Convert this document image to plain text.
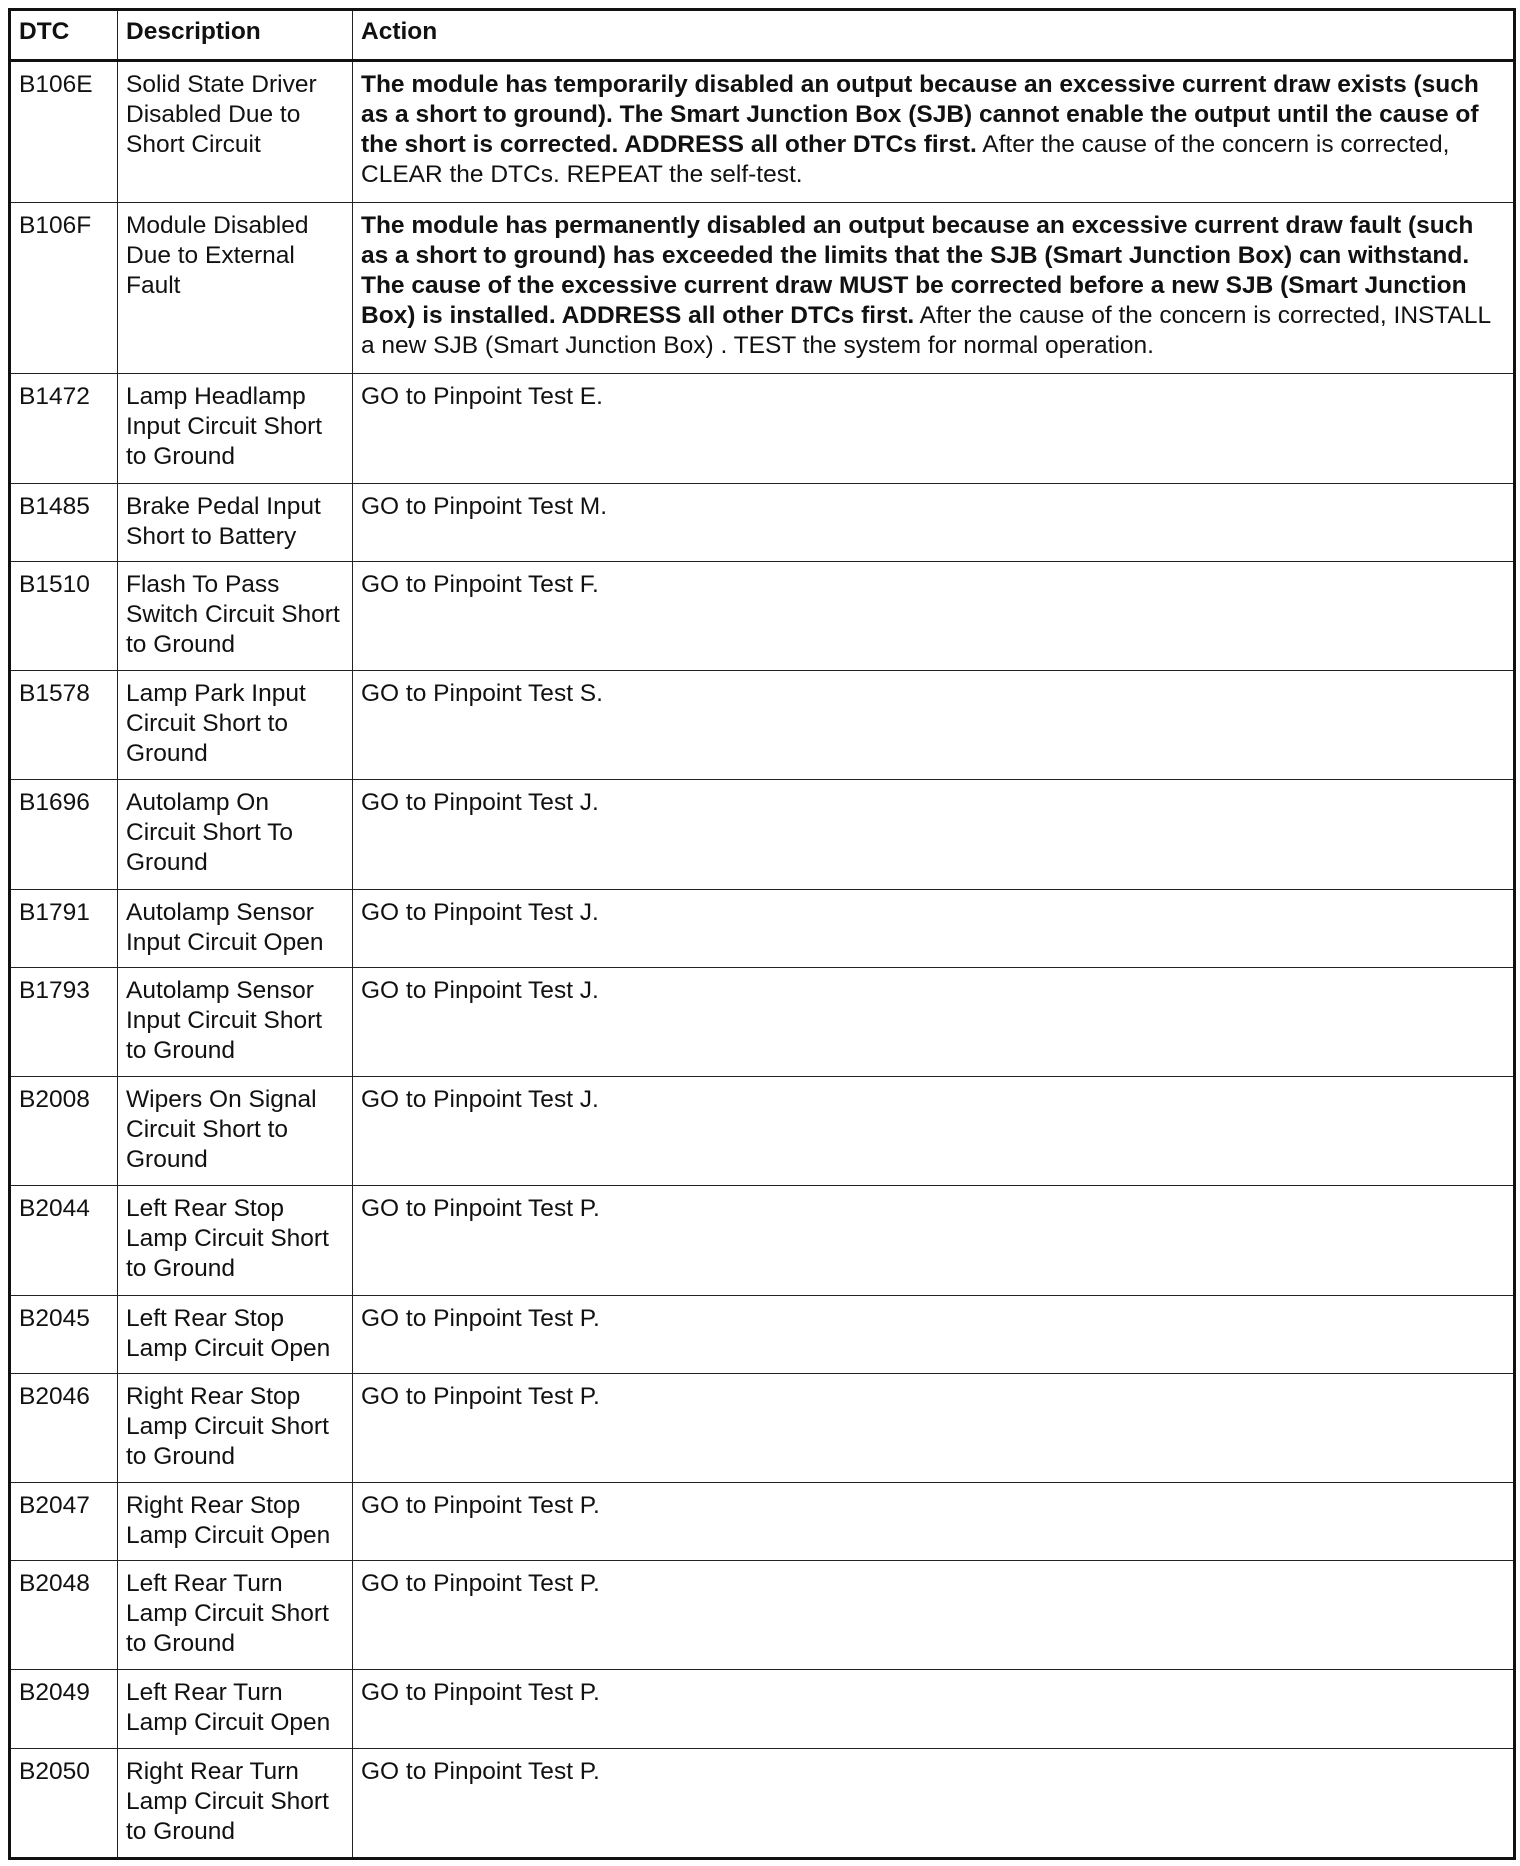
DTC	Description	Action
B106E	Solid State Driver Disabled Due to Short Circuit	The module has temporarily disabled an output because an excessive current draw exists (such as a short to ground). The Smart Junction Box (SJB) cannot enable the output until the cause of the short is corrected. ADDRESS all other DTCs first. After the cause of the concern is corrected, CLEAR the DTCs. REPEAT the self-test.
B106F	Module Disabled Due to External Fault	The module has permanently disabled an output because an excessive current draw fault (such as a short to ground) has exceeded the limits that the SJB (Smart Junction Box) can withstand. The cause of the excessive current draw MUST be corrected before a new SJB (Smart Junction Box) is installed. ADDRESS all other DTCs first. After the cause of the concern is corrected, INSTALL a new SJB (Smart Junction Box) . TEST the system for normal operation.
B1472	Lamp Headlamp Input Circuit Short to Ground	GO to Pinpoint Test E.
B1485	Brake Pedal Input Short to Battery	GO to Pinpoint Test M.
B1510	Flash To Pass Switch Circuit Short to Ground	GO to Pinpoint Test F.
B1578	Lamp Park Input Circuit Short to Ground	GO to Pinpoint Test S.
B1696	Autolamp On Circuit Short To Ground	GO to Pinpoint Test J.
B1791	Autolamp Sensor Input Circuit Open	GO to Pinpoint Test J.
B1793	Autolamp Sensor Input Circuit Short to Ground	GO to Pinpoint Test J.
B2008	Wipers On Signal Circuit Short to Ground	GO to Pinpoint Test J.
B2044	Left Rear Stop Lamp Circuit Short to Ground	GO to Pinpoint Test P.
B2045	Left Rear Stop Lamp Circuit Open	GO to Pinpoint Test P.
B2046	Right Rear Stop Lamp Circuit Short to Ground	GO to Pinpoint Test P.
B2047	Right Rear Stop Lamp Circuit Open	GO to Pinpoint Test P.
B2048	Left Rear Turn Lamp Circuit Short to Ground	GO to Pinpoint Test P.
B2049	Left Rear Turn Lamp Circuit Open	GO to Pinpoint Test P.
B2050	Right Rear Turn Lamp Circuit Short to Ground	GO to Pinpoint Test P.
